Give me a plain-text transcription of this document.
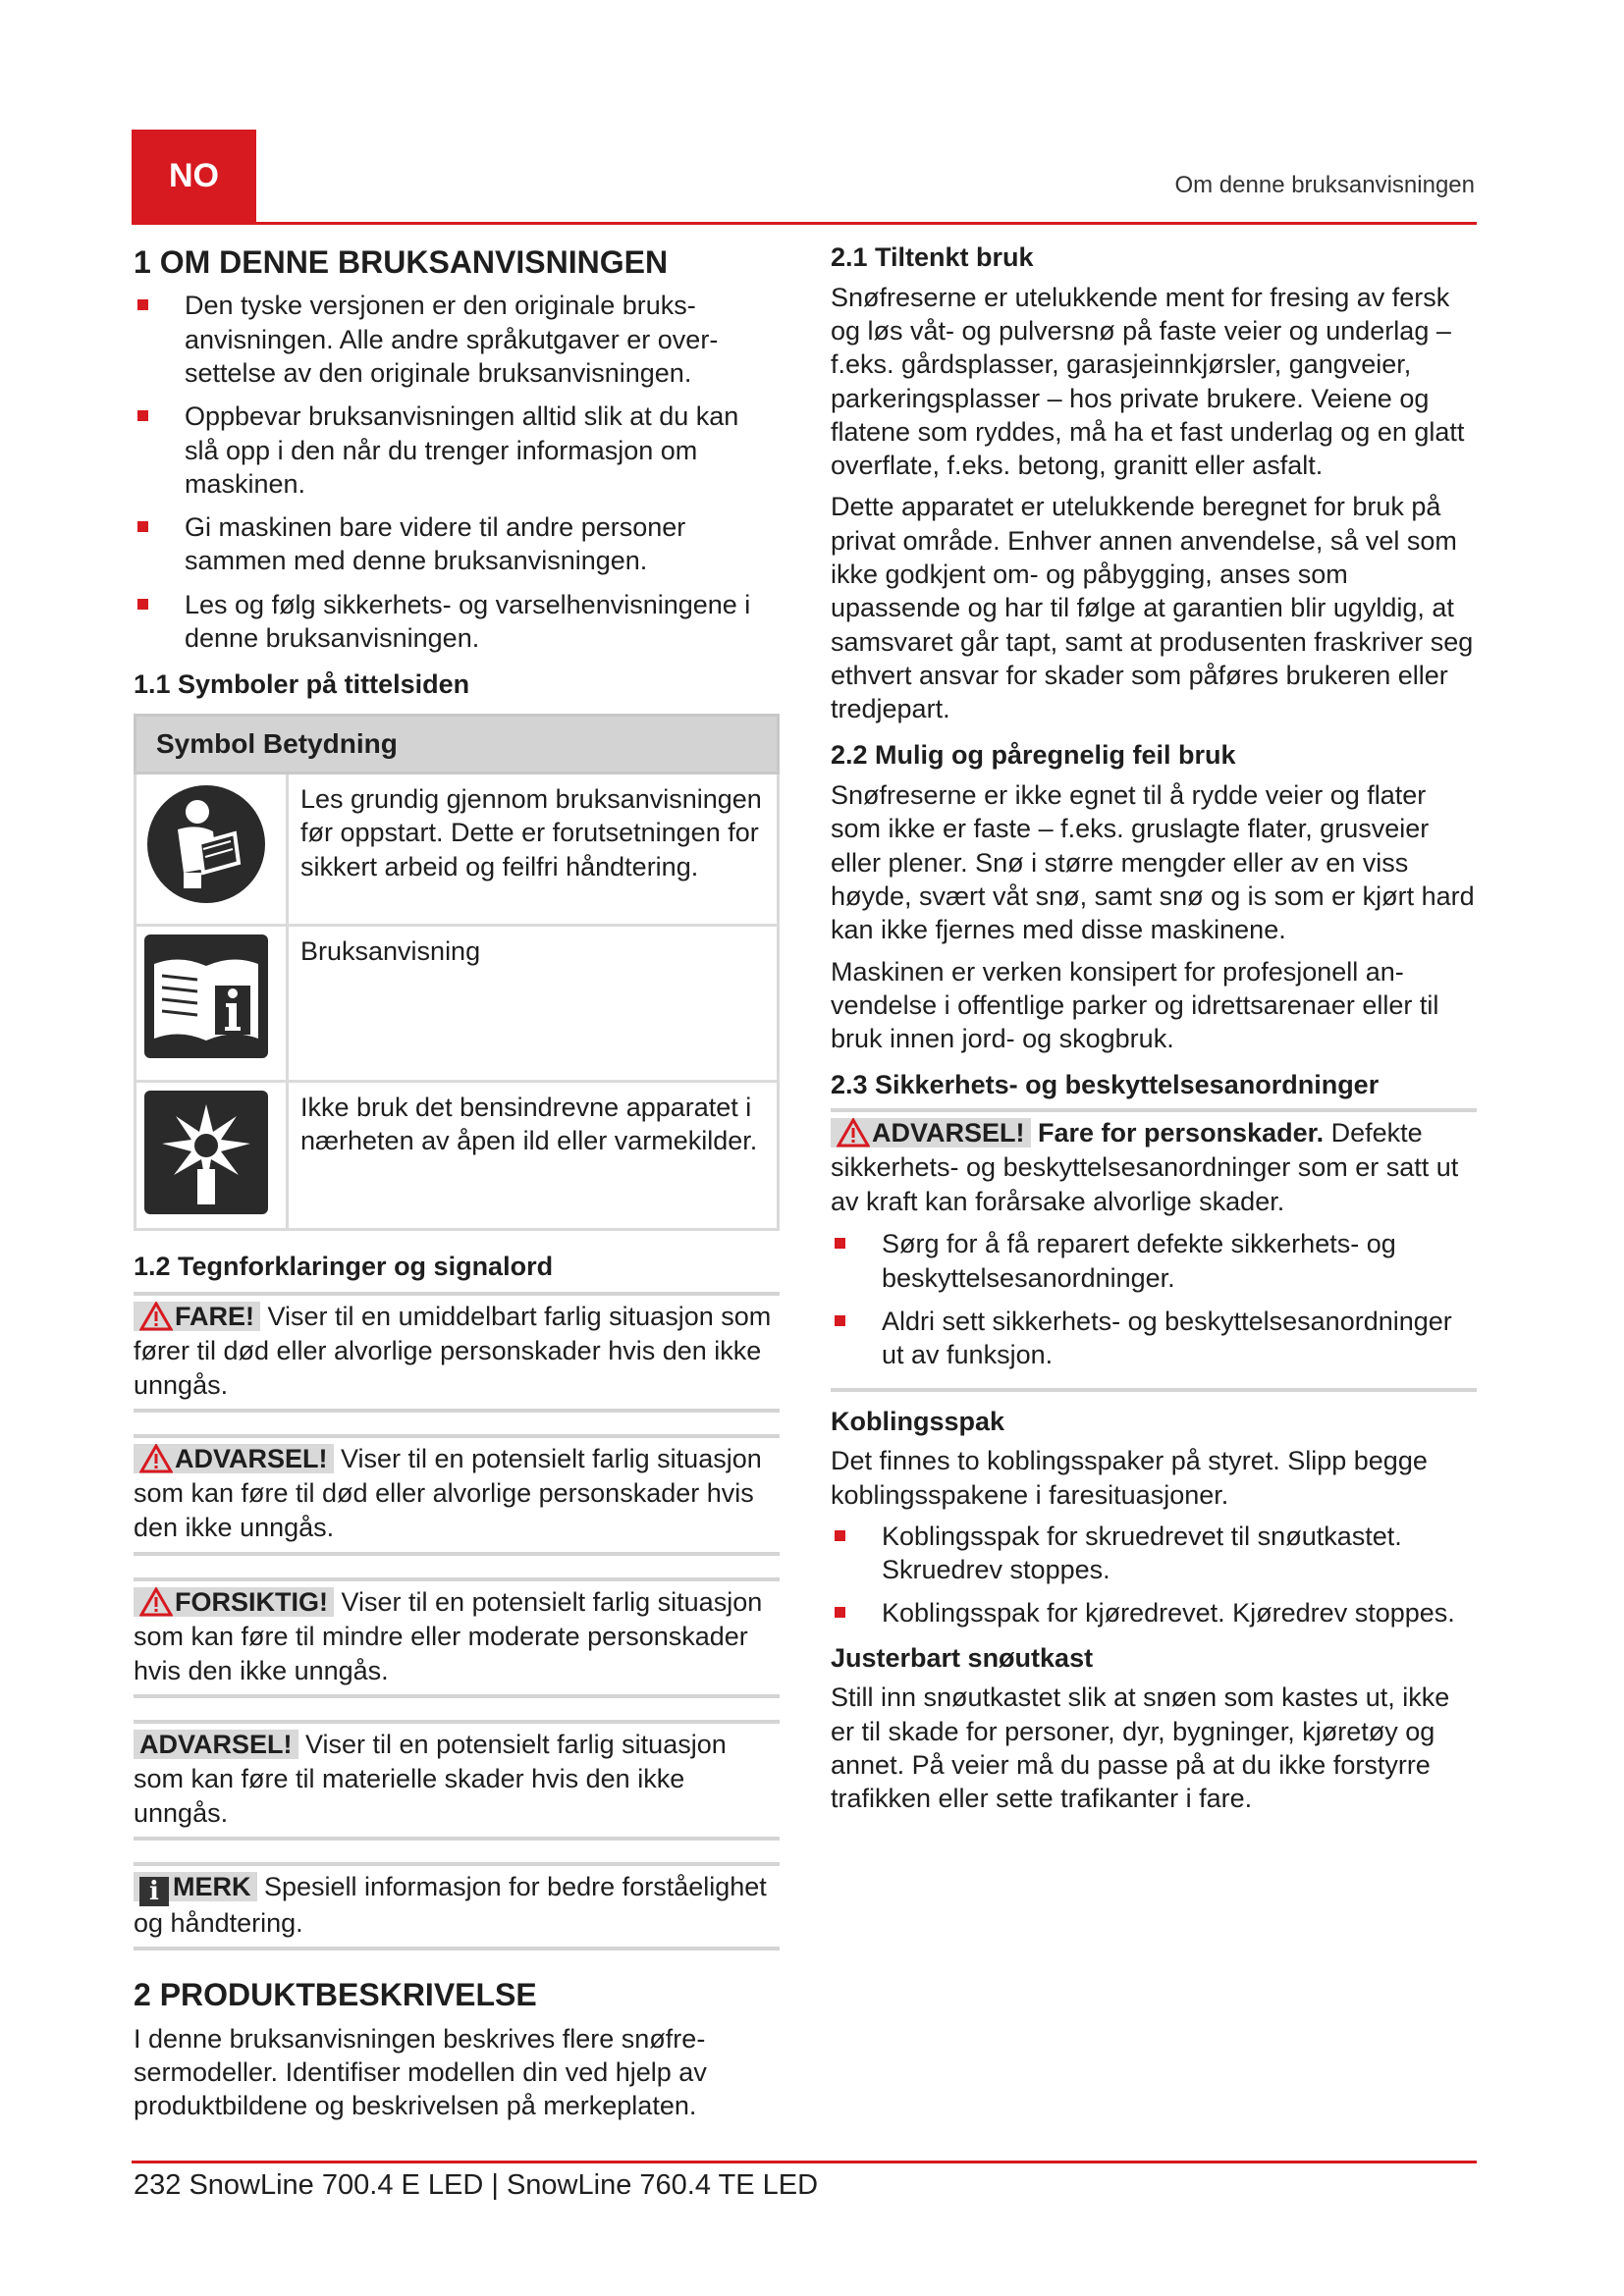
NO	Om denne bruksanvisningen
1 OM DENNE BRUKSANVISNINGEN
Den tyske versjonen er den originale bruksanvisningen. Alle andre språkutgaver er oversettelse av den originale bruksanvisningen.
Oppbevar bruksanvisningen alltid slik at du kan slå opp i den når du trenger informasjon om maskinen.
Gi maskinen bare videre til andre personer sammen med denne bruksanvisningen.
Les og følg sikkerhets- og varselhenvisningene i denne bruksanvisningen.
1.1 Symboler på tittelsiden
Symbol Betydning	
	Les grundig gjennom bruksanvisningen før oppstart. Dette er forutsetningen for sikkert arbeid og feilfri håndtering.
	Bruksanvisning
	Ikke bruk det bensindrevne apparatet i nærheten av åpen ild eller varmekilder.
1.2 Tegnforklaringer og signalord
FARE! Viser til en umiddelbart farlig situasjon som fører til død eller alvorlige personskader hvis den ikke unngås.
ADVARSEL! Viser til en potensielt farlig situasjon som kan føre til død eller alvorlige personskader hvis den ikke unngås.
FORSIKTIG! Viser til en potensielt farlig situasjon som kan føre til mindre eller moderate personskader hvis den ikke unngås.
ADVARSEL! Viser til en potensielt farlig situasjon som kan føre til materielle skader hvis den ikke unngås.
i MERK Spesiell informasjon for bedre forståelighet og håndtering.
2 PRODUKTBESKRIVELSE

I denne bruksanvisningen beskrives flere snøfresermodeller. Identifiser modellen din ved hjelp av produktbildene og beskrivelsen på merkeplaten.

2.1 Tiltenkt bruk

Snøfreserne er utelukkende ment for fresing av fersk og løs våt- og pulversnø på faste veier og underlag – f.eks. gårdsplasser, garasjeinnkjørsler, gangveier, parkeringsplasser – hos private brukere. Veiene og flatene som ryddes, må ha et fast underlag og en glatt overflate, f.eks. betong, granitt eller asfalt.

Dette apparatet er utelukkende beregnet for bruk på privat område. Enhver annen anvendelse, så vel som ikke godkjent om- og påbygging, anses som upassende og har til følge at garantien blir ugyldig, at samsvaret går tapt, samt at produsenten fraskriver seg ethvert ansvar for skader som påføres brukeren eller tredjepart.

2.2 Mulig og påregnelig feil bruk

Snøfreserne er ikke egnet til å rydde veier og flater som ikke er faste – f.eks. gruslagte flater, grusveier eller plener. Snø i større mengder eller av en viss høyde, svært våt snø, samt snø og is som er kjørt hard kan ikke fjernes med disse maskinene.

Maskinen er verken konsipert for profesjonell anvendelse i offentlige parker og idrettsarenaer eller til bruk innen jord- og skogbruk.

2.3 Sikkerhets- og beskyttelsesanordninger
ADVARSEL! Fare for personskader. Defekte sikkerhets- og beskyttelsesanordninger som er satt ut av kraft kan forårsake alvorlige skader.
Sørg for å få reparert defekte sikkerhets- og beskyttelsesanordninger.
Aldri sett sikkerhets- og beskyttelsesanordninger ut av funksjon.
Koblingsspak

Det finnes to koblingsspaker på styret. Slipp begge koblingsspakene i faresituasjoner.

Koblingsspak for skruedrevet til snøutkastet. Skruedrev stoppes.
Koblingsspak for kjøredrevet. Kjøredrev stoppes.
Justerbart snøutkast

Still inn snøutkastet slik at snøen som kastes ut, ikke er til skade for personer, dyr, bygninger, kjøretøy og annet. På veier må du passe på at du ikke forstyrre trafikken eller sette trafikanter i fare.

232 SnowLine 700.4 E LED | SnowLine 760.4 TE LED
